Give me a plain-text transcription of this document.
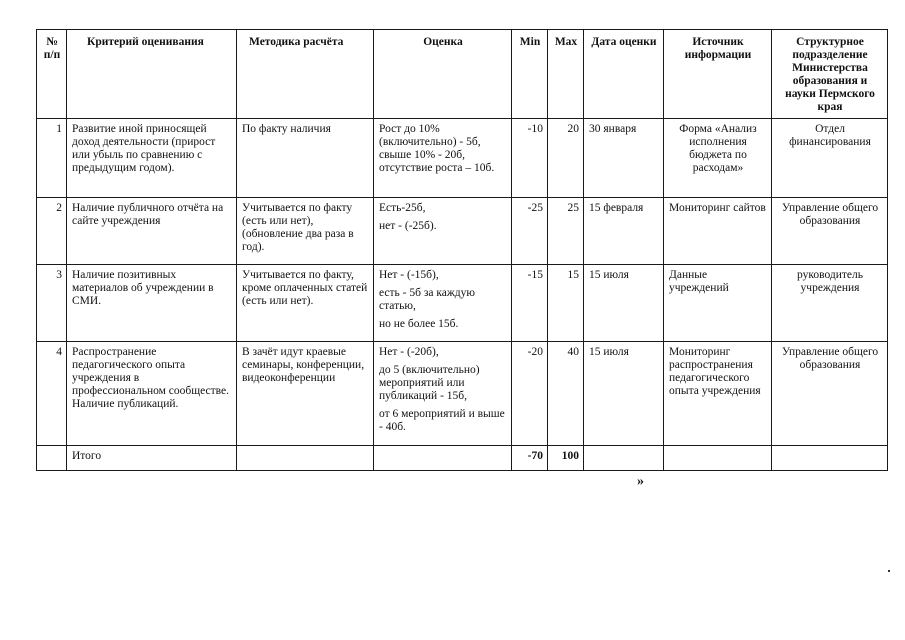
№
п/п	Критерий оценивания	Методика расчёта	Оценка	Min	Max	Дата оценки	Источник информации	Структурное подразделение Министерства образования и науки Пермского края
1	Развитие иной приносящей доход деятельности (прирост или убыль по сравнению с предыдущим годом).	По факту наличия	Рост до 10% (включительно) - 5б, свыше 10% - 20б, отсутствие роста – 10б.	-10	20	30 января	Форма «Анализ исполнения бюджета по расходам»	Отдел финансирования
2	Наличие публичного отчёта на сайте учреждения	Учитывается по факту (есть или нет), (обновление два раза в год).	Есть-25б,
нет - (-25б).	-25	25	15 февраля	Мониторинг сайтов	Управление общего образования
3	Наличие позитивных материалов об учреждении в СМИ.	Учитывается по факту, кроме оплаченных статей (есть или нет).	Нет - (-15б),
есть - 5б за каждую статью,
но не более 15б.	-15	15	15 июля	Данные учреждений	руководитель учреждения
4	Распространение педагогического опыта учреждения в профессиональном сообществе. Наличие публикаций.	В зачёт идут краевые семинары, конференции, видеоконференции	Нет - (-20б),
до 5 (включительно) мероприятий или публикаций - 15б,
от 6 мероприятий и выше - 40б.	-20	40	15 июля	Мониторинг распространения педагогического опыта учреждения	Управление общего образования
	Итого			-70	100			
»
